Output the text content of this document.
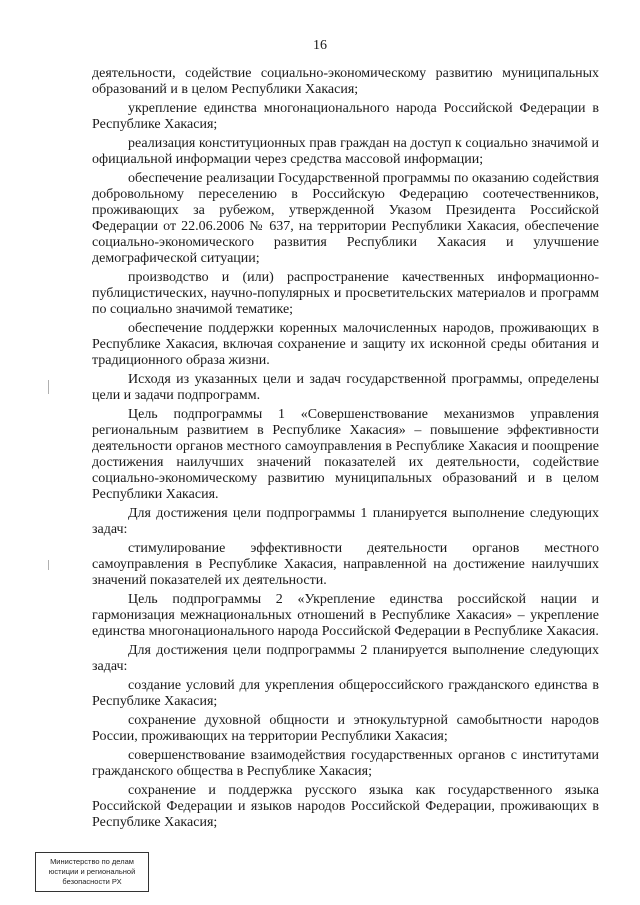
16

деятельности, содействие социально-экономическому развитию муниципальных образований и в целом Республики Хакасия;

укрепление единства многонационального народа Российской Федерации в Республике Хакасия;

реализация конституционных прав граждан на доступ к социально значимой и официальной информации через средства массовой информации;

обеспечение реализации Государственной программы по оказанию содействия добровольному переселению в Российскую Федерацию соотечественников, проживающих за рубежом, утвержденной Указом Президента Российской Федерации от 22.06.2006 № 637, на территории Республики Хакасия, обеспечение социально-экономического развития Республики Хакасия и улучшение демографической ситуации;

производство и (или) распространение качественных информационно-публицистических, научно-популярных и просветительских материалов и программ по социально значимой тематике;

обеспечение поддержки коренных малочисленных народов, проживающих в Республике Хакасия, включая сохранение и защиту их исконной среды обитания и традиционного образа жизни.

Исходя из указанных цели и задач государственной программы, определены цели и задачи подпрограмм.

Цель подпрограммы 1 «Совершенствование механизмов управления региональным развитием в Республике Хакасия» – повышение эффективности деятельности органов местного самоуправления в Республике Хакасия и поощрение достижения наилучших значений показателей их деятельности, содействие социально-экономическому развитию муниципальных образований и в целом Республики Хакасия.

Для достижения цели подпрограммы 1 планируется выполнение следующих задач:

стимулирование эффективности деятельности органов местного самоуправления в Республике Хакасия, направленной на достижение наилучших значений показателей их деятельности.

Цель подпрограммы 2 «Укрепление единства российской нации и гармонизация межнациональных отношений в Республике Хакасия» – укрепление единства многонационального народа Российской Федерации в Республике Хакасия.

Для достижения цели подпрограммы 2 планируется выполнение следующих задач:

создание условий для укрепления общероссийского гражданского единства в Республике Хакасия;

сохранение духовной общности и этнокультурной самобытности народов России, проживающих на территории Республики Хакасия;

совершенствование взаимодействия государственных органов с институтами гражданского общества в Республике Хакасия;

сохранение и поддержка русского языка как государственного языка Российской Федерации и языков народов Российской Федерации, проживающих в Республике Хакасия;

Министерство по делам
юстиции и региональной
безопасности РХ
